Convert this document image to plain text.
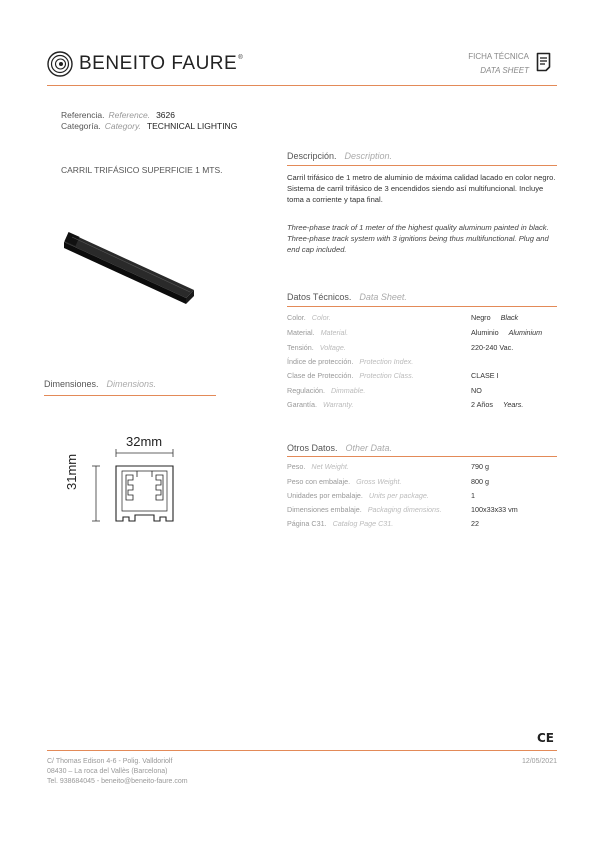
BENEITO FAURE®	FICHA TÉCNICA
DATA SHEET
Referencia. Reference. 3626
Categoría. Category. TECHNICAL LIGHTING
CARRIL TRIFÁSICO SUPERFICIE 1 MTS.
Dimensiones. Dimensions.
32mm
31mm
Descripción. Description.
Carril trifásico de 1 metro de aluminio de máxima calidad lacado en color negro. Sistema de carril trifásico de 3 encendidos siendo así multifuncional. Incluye toma a corriente y tapa final.
Three-phase track of 1 meter of the highest quality aluminum painted in black. Three-phase track system with 3 ignitions being thus multifunctional. Plug and end cap included.
Datos Técnicos. Data Sheet.
Color. Color.	Negro Black
Material. Material.	Aluminio Aluminium
Tensión. Voltage.	220-240 Vac.
Índice de protección. Protection Index.
Clase de Protección. Protection Class.	CLASE I
Regulación. Dimmable.	NO
Garantía. Warranty.	2 Años Years.
Otros Datos. Other Data.
Peso. Net Weight.	790 g
Peso con embalaje. Gross Weight.	800 g
Unidades por embalaje. Units per package.	1
Dimensiones embalaje. Packaging dimensions.	100x33x33 vm
Página C31. Catalog Page C31.	22
CE
C/ Thomas Edison 4-6 - Polig. Valldoriolf
08430 – La roca del Vallès (Barcelona)
Tel. 938684045 - beneito@beneito-faure.com
12/05/2021
